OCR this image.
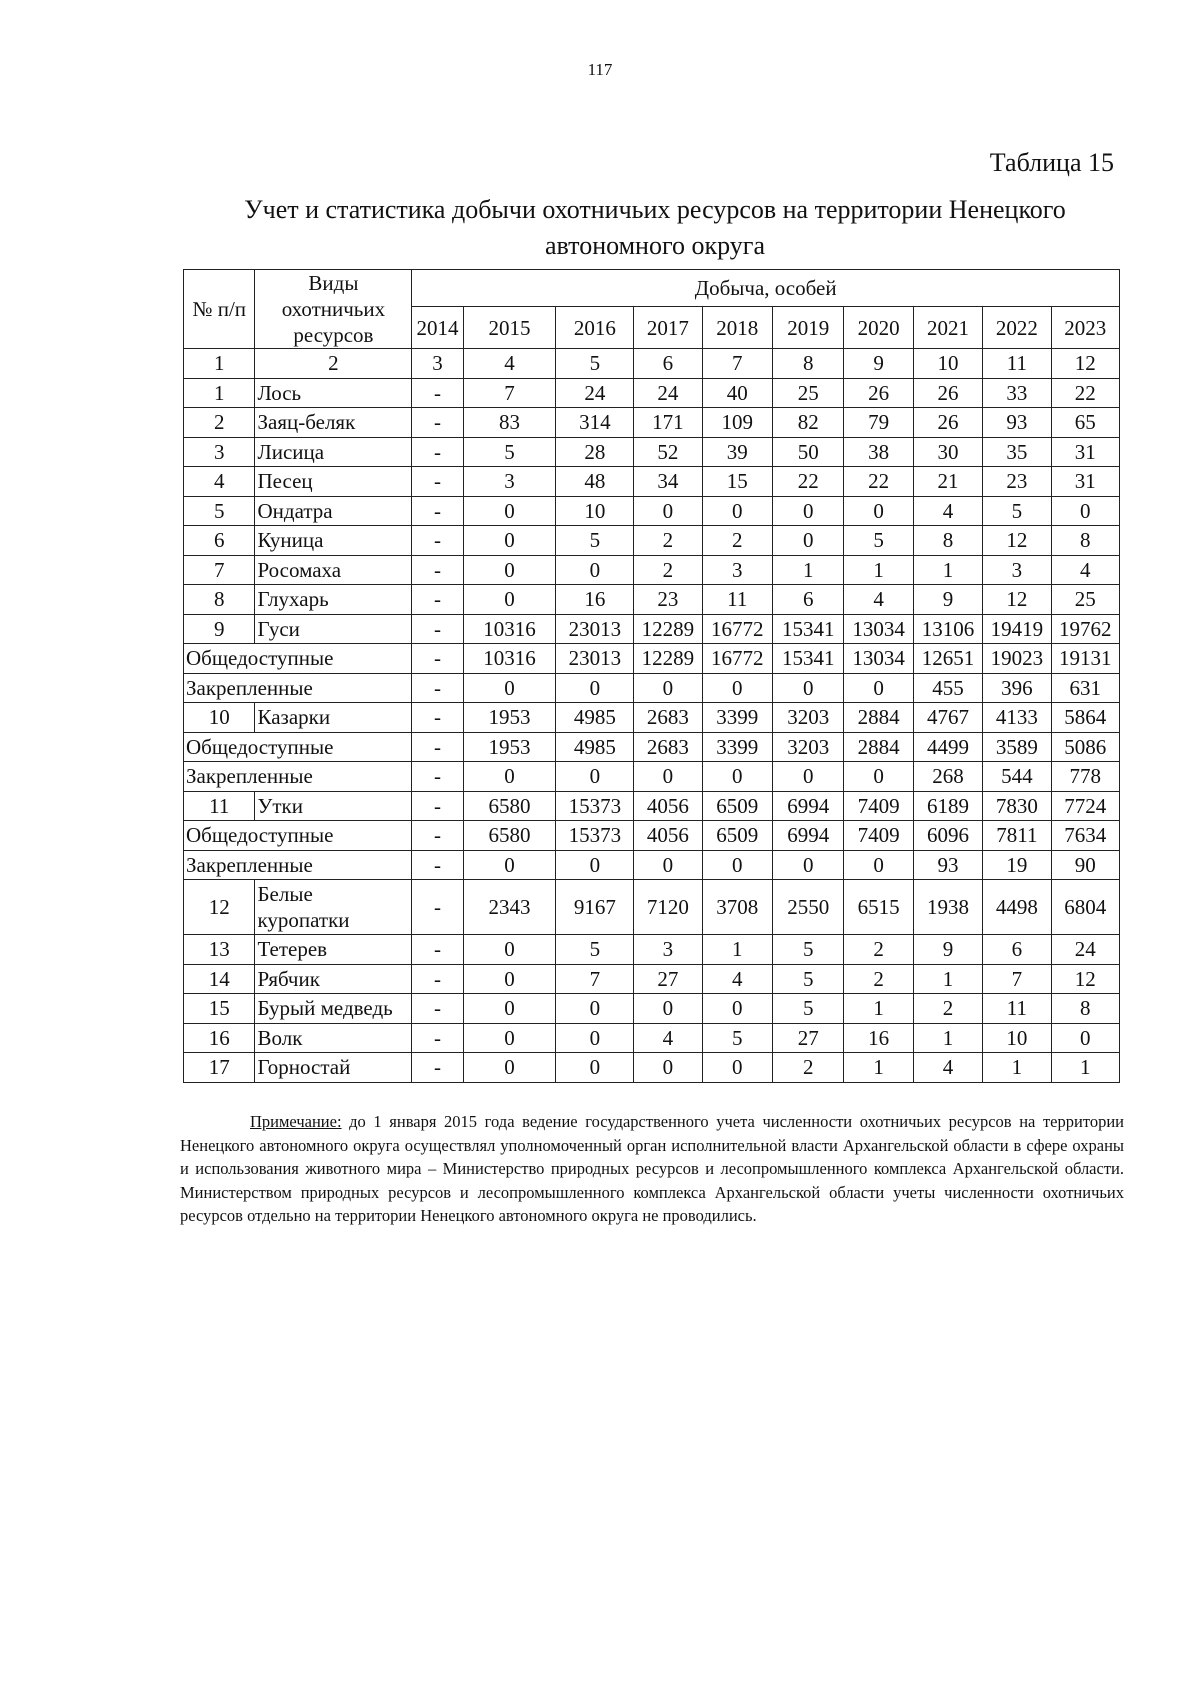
117
Таблица 15
Учет и статистика добычи охотничьих ресурсов на территории Ненецкого автономного округа
№ п/п	Виды охотничьих ресурсов	Добыча, особей									
		2014	2015	2016	2017	2018	2019	2020	2021	2022	2023
1	2	3	4	5	6	7	8	9	10	11	12
1	Лось	-	7	24	24	40	25	26	26	33	22
2	Заяц-беляк	-	83	314	171	109	82	79	26	93	65
3	Лисица	-	5	28	52	39	50	38	30	35	31
4	Песец	-	3	48	34	15	22	22	21	23	31
5	Ондатра	-	0	10	0	0	0	0	4	5	0
6	Куница	-	0	5	2	2	0	5	8	12	8
7	Росомаха	-	0	0	2	3	1	1	1	3	4
8	Глухарь	-	0	16	23	11	6	4	9	12	25
9	Гуси	-	10316	23013	12289	16772	15341	13034	13106	19419	19762
Общедоступные		-	10316	23013	12289	16772	15341	13034	12651	19023	19131
Закрепленные		-	0	0	0	0	0	0	455	396	631
10	Казарки	-	1953	4985	2683	3399	3203	2884	4767	4133	5864
Общедоступные		-	1953	4985	2683	3399	3203	2884	4499	3589	5086
Закрепленные		-	0	0	0	0	0	0	268	544	778
11	Утки	-	6580	15373	4056	6509	6994	7409	6189	7830	7724
Общедоступные		-	6580	15373	4056	6509	6994	7409	6096	7811	7634
Закрепленные		-	0	0	0	0	0	0	93	19	90
12	Белые куропатки	-	2343	9167	7120	3708	2550	6515	1938	4498	6804
13	Тетерев	-	0	5	3	1	5	2	9	6	24
14	Рябчик	-	0	7	27	4	5	2	1	7	12
15	Бурый медведь	-	0	0	0	0	5	1	2	11	8
16	Волк	-	0	0	4	5	27	16	1	10	0
17	Горностай	-	0	0	0	0	2	1	4	1	1
Примечание: до 1 января 2015 года ведение государственного учета численности охотничьих ресурсов на территории Ненецкого автономного округа осуществлял уполномоченный орган исполнительной власти Архангельской области в сфере охраны и использования животного мира – Министерство природных ресурсов и лесопромышленного комплекса Архангельской области. Министерством природных ресурсов и лесопромышленного комплекса Архангельской области учеты численности охотничьих ресурсов отдельно на территории Ненецкого автономного округа не проводились.
